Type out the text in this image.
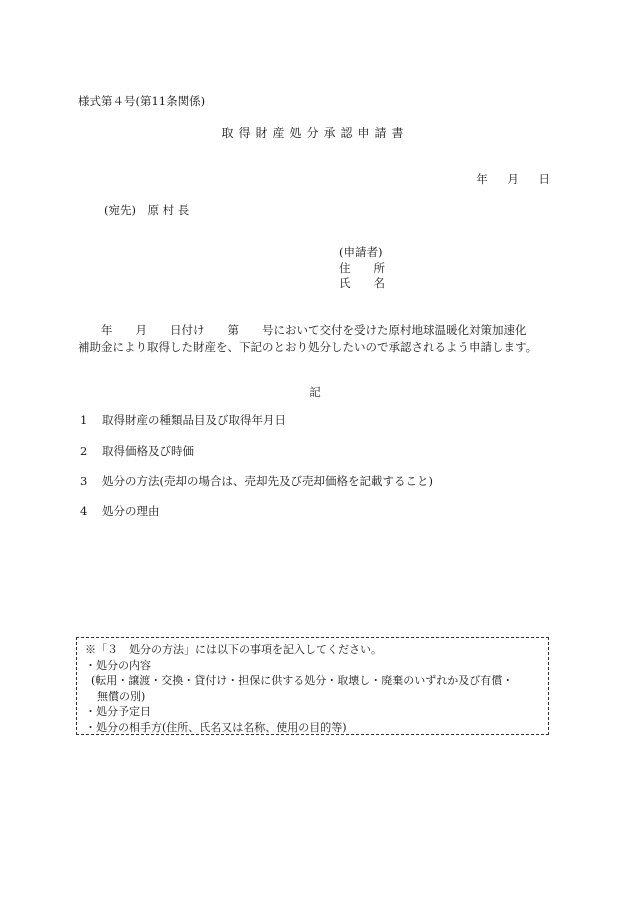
様式第４号(第11条関係)
取得財産処分承認申請書
年 月 日
(宛先)　原 村 長
(申請者)
住　　所
氏　　名
　　年　　月　　日付け　　第　　号において交付を受けた原村地球温暖化対策加速化
補助金により取得した財産を、下記のとおり処分したいので承認されるよう申請します。
記
1 取得財産の種類品目及び取得年月日
2 取得価格及び時価
3 処分の方法(売却の場合は、売却先及び売却価格を記載すること)
4 処分の理由
※「３　処分の方法」には以下の事項を記入してください。
・処分の内容
(転用・譲渡・交換・貸付け・担保に供する処分・取壊し・廃棄のいずれか及び有償・
無償の別)
・処分予定日
・処分の相手方(住所、氏名又は名称、使用の目的等)
